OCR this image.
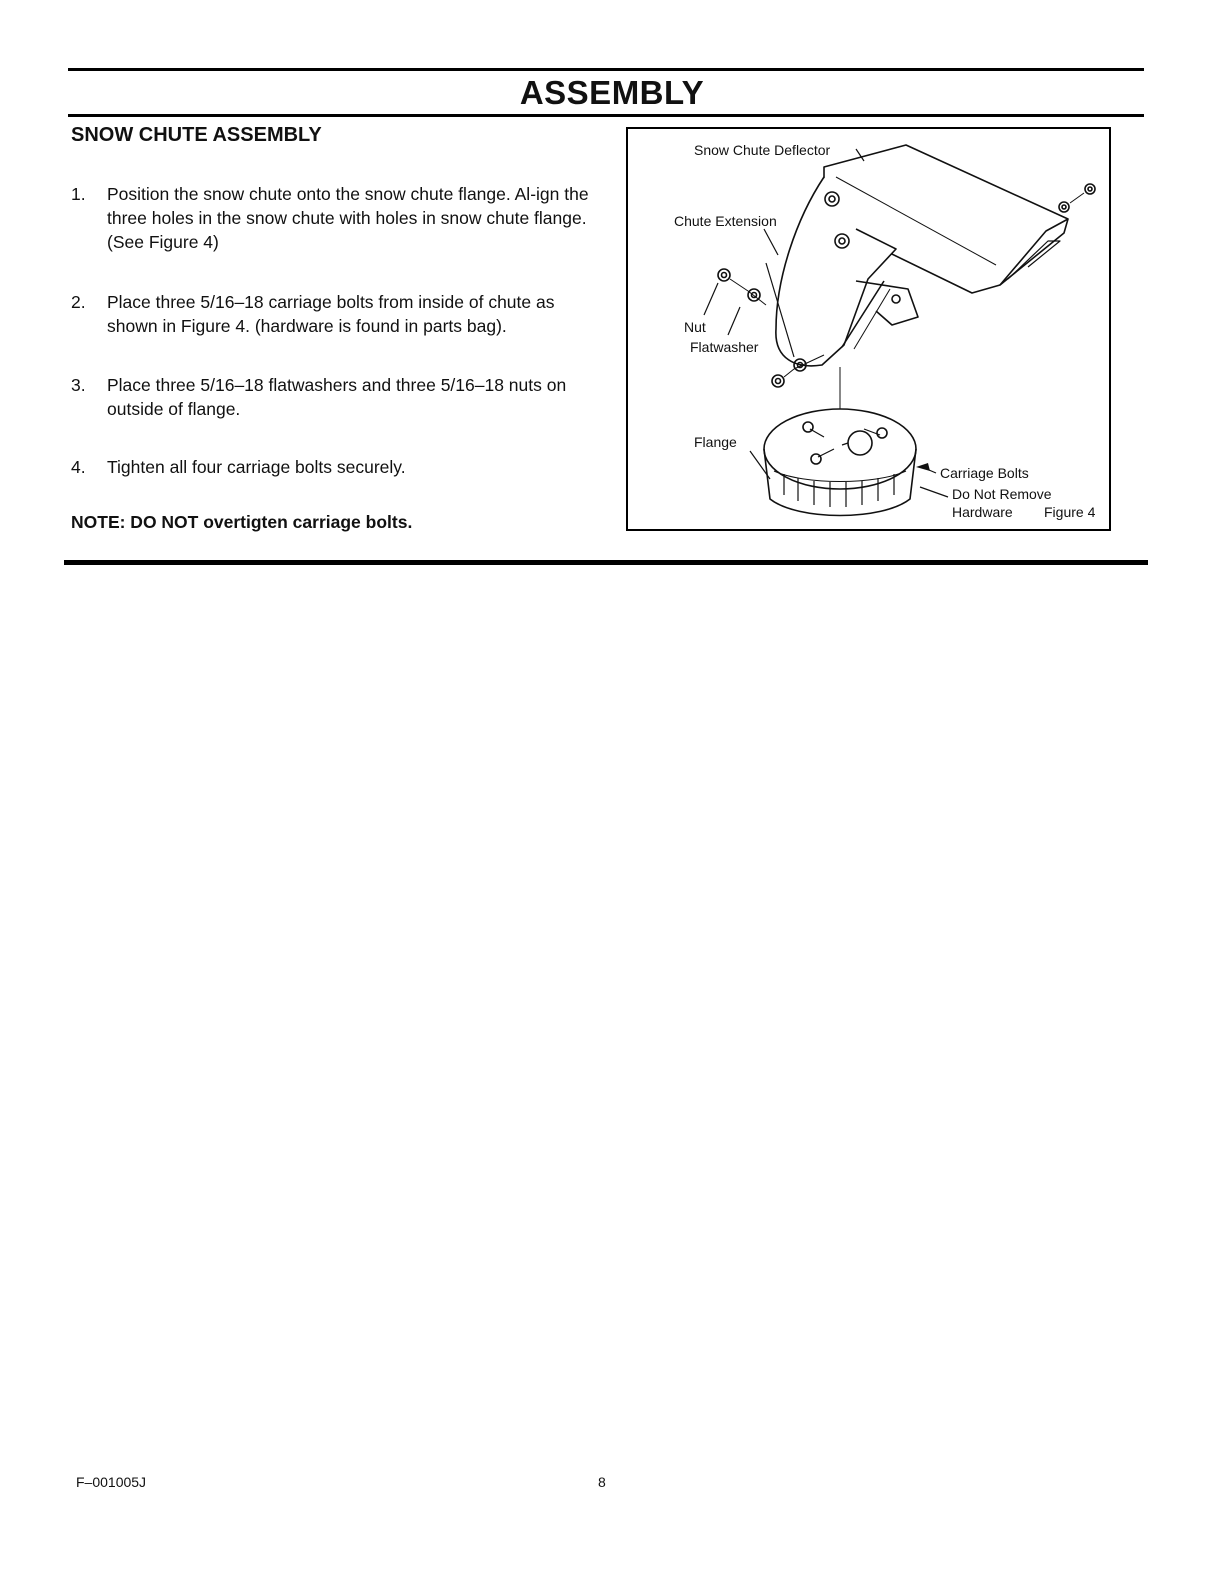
ASSEMBLY
SNOW CHUTE ASSEMBLY
1. Position the snow chute onto the snow chute flange. Al-ign the three holes in the snow chute with holes in snow chute flange. (See Figure 4)
2. Place three 5/16–18 carriage bolts from inside of chute as shown in Figure 4. (hardware is found in parts bag).
3. Place three 5/16–18 flatwashers and three 5/16–18 nuts on outside of flange.
4. Tighten all four carriage bolts securely.
NOTE: DO NOT overtigten carriage bolts.
Snow Chute Deflector
Chute Extension
Nut
Flatwasher
Flange
Carriage Bolts
Do Not Remove
Hardware Figure 4
F–001005J	8
